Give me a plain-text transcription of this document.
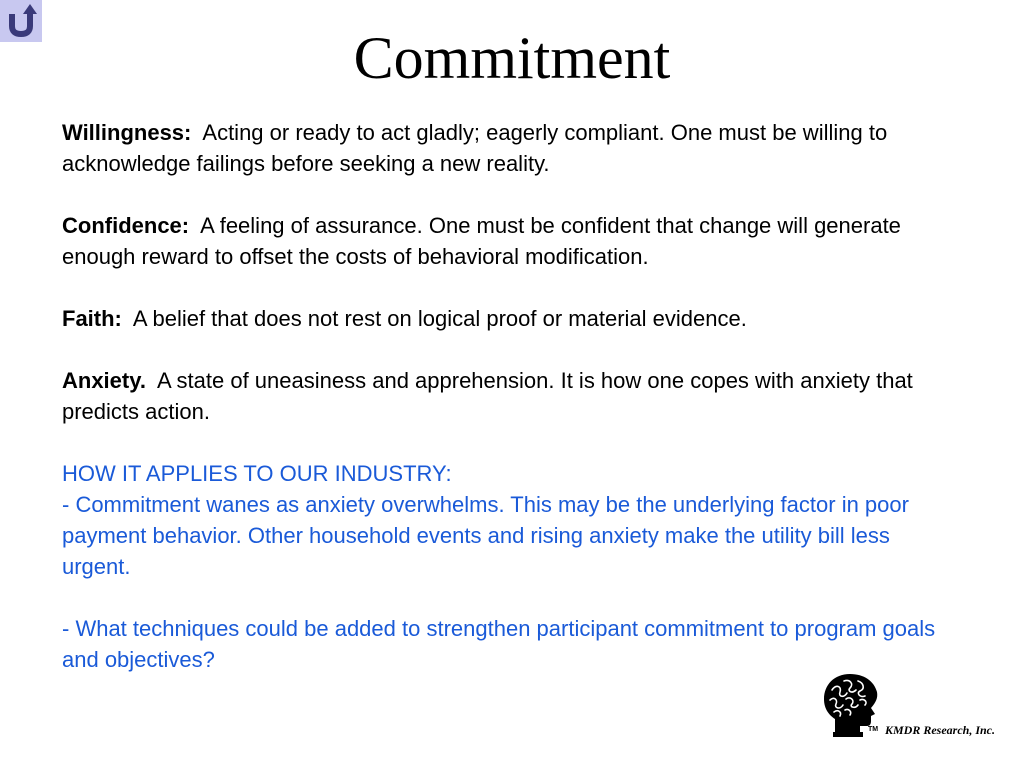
Commitment

Willingness: Acting or ready to act gladly; eagerly compliant. One must be willing to acknowledge failings before seeking a new reality.

Confidence: A feeling of assurance. One must be confident that change will generate enough reward to offset the costs of behavioral modification.

Faith: A belief that does not rest on logical proof or material evidence.

Anxiety. A state of uneasiness and apprehension. It is how one copes with anxiety that predicts action.

HOW IT APPLIES TO OUR INDUSTRY:

- Commitment wanes as anxiety overwhelms. This may be the underlying factor in poor payment behavior. Other household events and rising anxiety make the utility bill less urgent.

- What techniques could be added to strengthen participant commitment to program goals and objectives?

TM KMDR Research, Inc.
